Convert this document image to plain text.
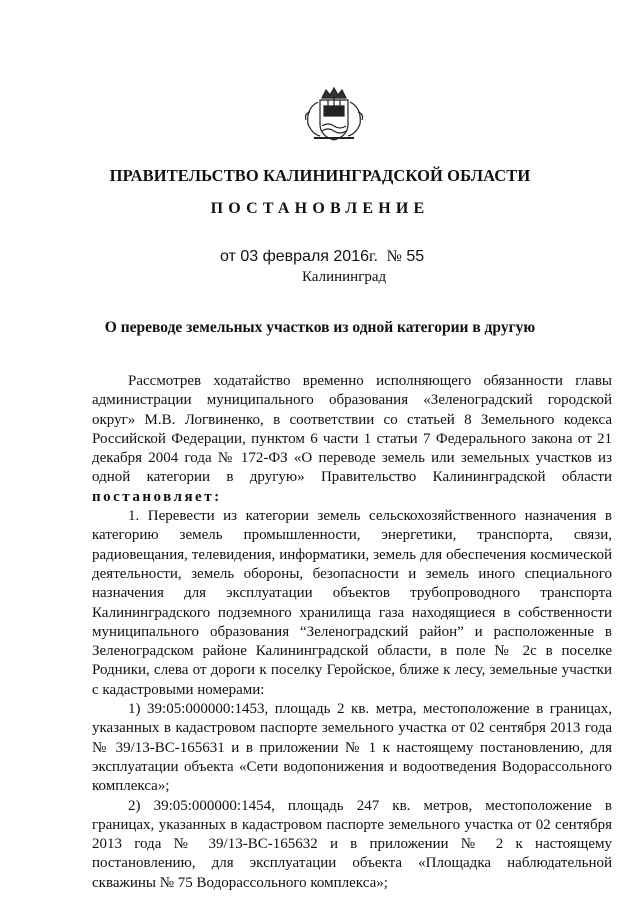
ПРАВИТЕЛЬСТВО КАЛИНИНГРАДСКОЙ ОБЛАСТИ
ПОСТАНОВЛЕНИЕ
от 03 февраля 2016г. № 55
Калининград
О переводе земельных участков из одной категории в другую

Рассмотрев ходатайство временно исполняющего обязанности главы администрации муниципального образования «Зеленоградский городской округ» М.В. Логвиненко, в соответствии со статьей 8 Земельного кодекса Российской Федерации, пунктом 6 части 1 статьи 7 Федерального закона от 21 декабря 2004 года № 172-ФЗ «О переводе земель или земельных участков из одной категории в другую» Правительство Калининградской области постановляет:

1. Перевести из категории земель сельскохозяйственного назначения в категорию земель промышленности, энергетики, транспорта, связи, радиовещания, телевидения, информатики, земель для обеспечения космической деятельности, земель обороны, безопасности и земель иного специального назначения для эксплуатации объектов трубопроводного транспорта Калининградского подземного хранилища газа находящиеся в собственности муниципального образования “Зеленоградский район” и расположенные в Зеленоградском районе Калининградской области, в поле № 2с в поселке Родники, слева от дороги к поселку Геройское, ближе к лесу, земельные участки с кадастровыми номерами:

1) 39:05:000000:1453, площадь 2 кв. метра, местоположение в границах, указанных в кадастровом паспорте земельного участка от 02 сентября 2013 года № 39/13-ВС-165631 и в приложении № 1 к настоящему постановлению, для эксплуатации объекта «Сети водопонижения и водоотведения Водорассольного комплекса»;

2) 39:05:000000:1454, площадь 247 кв. метров, местоположение в границах, указанных в кадастровом паспорте земельного участка от 02 сентября 2013 года № 39/13-ВС-165632 и в приложении № 2 к настоящему постановлению, для эксплуатации объекта «Площадка наблюдательной скважины № 75 Водорассольного комплекса»;
